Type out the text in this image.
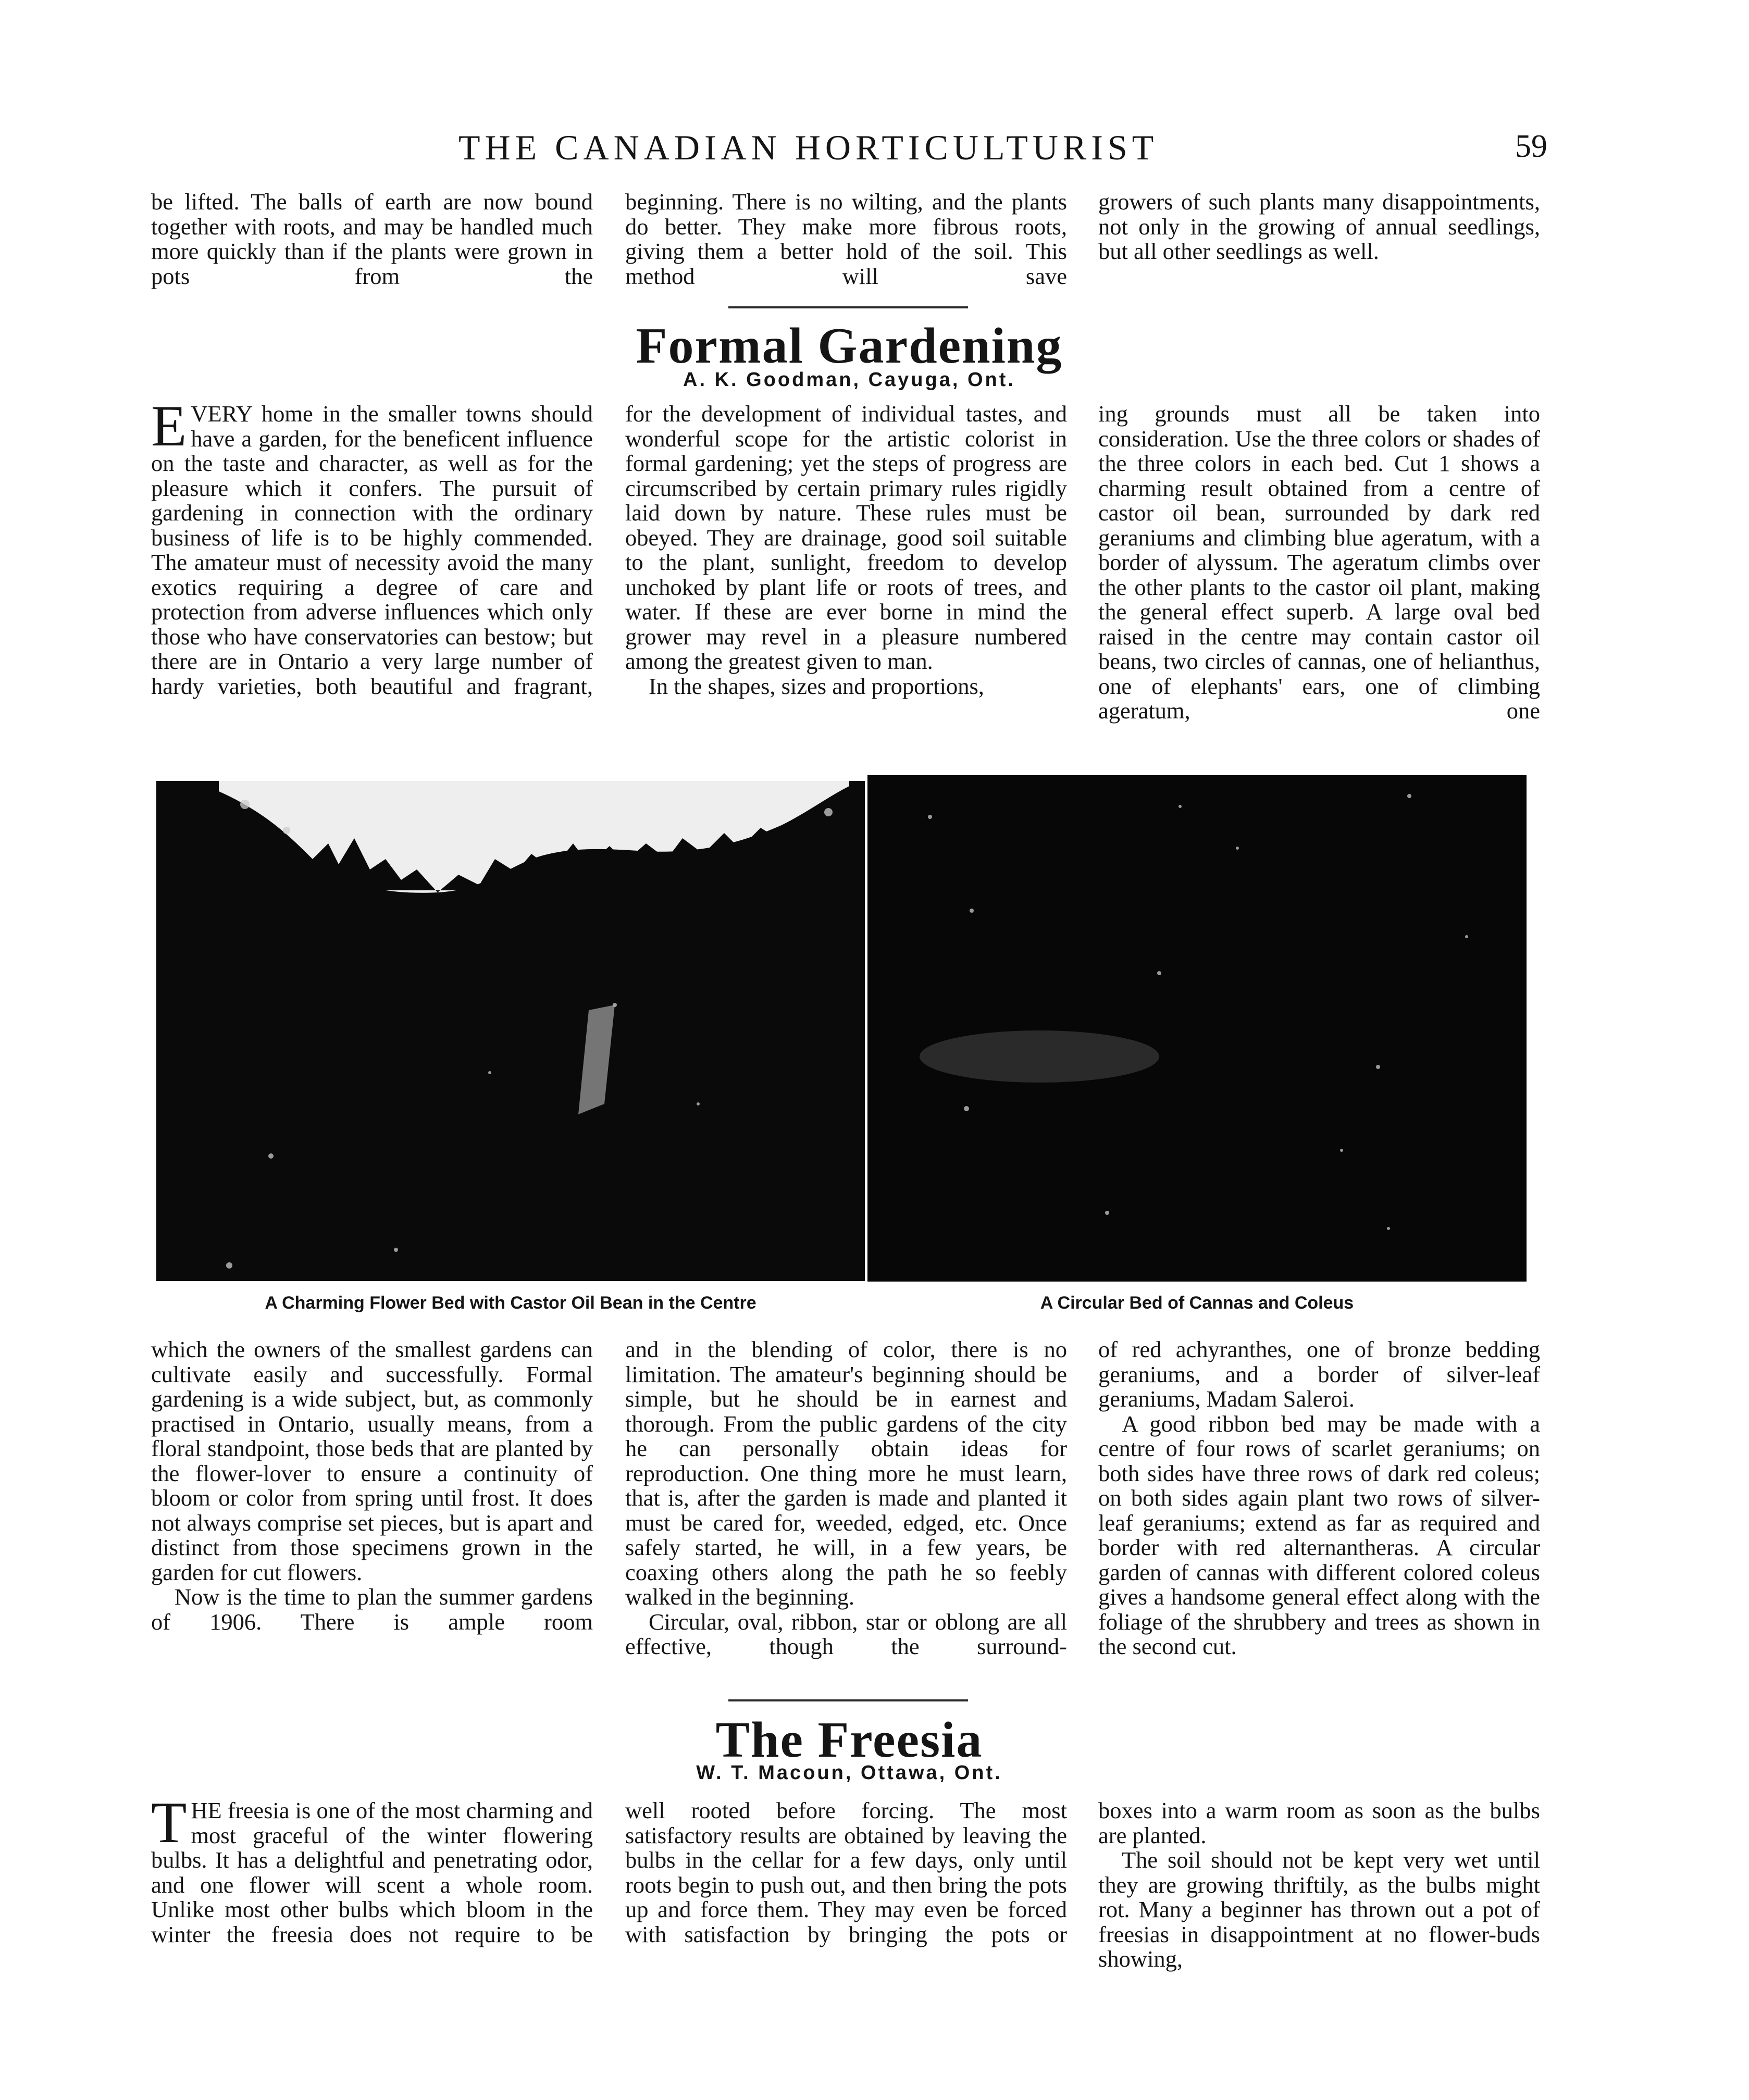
THE CANADIAN HORTICULTURIST	59

be lifted. The balls of earth are now bound together with roots, and may be handled much more quickly than if the plants were grown in pots from the

beginning. There is no wilting, and the plants do better. They make more fibrous roots, giving them a better hold of the soil. This method will save

growers of such plants many disappointments, not only in the growing of annual seedlings, but all other seedlings as well.

Formal Gardening
A. K. Goodman, Cayuga, Ont.

EVERY home in the smaller towns should have a garden, for the beneficent influence on the taste and character, as well as for the pleasure which it confers. The pursuit of gardening in connection with the ordinary business of life is to be highly commended. The amateur must of necessity avoid the many exotics requiring a degree of care and protection from adverse influences which only those who have conservatories can bestow; but there are in Ontario a very large number of hardy varieties, both beautiful and fragrant,

for the development of individual tastes, and wonderful scope for the artistic colorist in formal gardening; yet the steps of progress are circumscribed by certain primary rules rigidly laid down by nature. These rules must be obeyed. They are drainage, good soil suitable to the plant, sunlight, freedom to develop unchoked by plant life or roots of trees, and water. If these are ever borne in mind the grower may revel in a pleasure numbered among the greatest given to man.

In the shapes, sizes and proportions,

ing grounds must all be taken into consideration. Use the three colors or shades of the three colors in each bed. Cut 1 shows a charming result obtained from a centre of castor oil bean, surrounded by dark red geraniums and climbing blue ageratum, with a border of alyssum. The ageratum climbs over the other plants to the castor oil plant, making the general effect superb. A large oval bed raised in the centre may contain castor oil beans, two circles of cannas, one of helianthus, one of elephants' ears, one of climbing ageratum, one

A Charming Flower Bed with Castor Oil Bean in the Centre	A Circular Bed of Cannas and Coleus

which the owners of the smallest gardens can cultivate easily and successfully. Formal gardening is a wide subject, but, as commonly practised in Ontario, usually means, from a floral standpoint, those beds that are planted by the flower-lover to ensure a continuity of bloom or color from spring until frost. It does not always comprise set pieces, but is apart and distinct from those specimens grown in the garden for cut flowers.

Now is the time to plan the summer gardens of 1906. There is ample room

and in the blending of color, there is no limitation. The amateur's beginning should be simple, but he should be in earnest and thorough. From the public gardens of the city he can personally obtain ideas for reproduction. One thing more he must learn, that is, after the garden is made and planted it must be cared for, weeded, edged, etc. Once safely started, he will, in a few years, be coaxing others along the path he so feebly walked in the beginning.

Circular, oval, ribbon, star or oblong are all effective, though the surround-

of red achyranthes, one of bronze bedding geraniums, and a border of silver-leaf geraniums, Madam Saleroi.

A good ribbon bed may be made with a centre of four rows of scarlet geraniums; on both sides have three rows of dark red coleus; on both sides again plant two rows of silver-leaf geraniums; extend as far as required and border with red alternantheras. A circular garden of cannas with different colored coleus gives a handsome general effect along with the foliage of the shrubbery and trees as shown in the second cut.

The Freesia
W. T. Macoun, Ottawa, Ont.

THE freesia is one of the most charming and most graceful of the winter flowering bulbs. It has a delightful and penetrating odor, and one flower will scent a whole room. Unlike most other bulbs which bloom in the winter the freesia does not require to be

well rooted before forcing. The most satisfactory results are obtained by leaving the bulbs in the cellar for a few days, only until roots begin to push out, and then bring the pots up and force them. They may even be forced with satisfaction by bringing the pots or

boxes into a warm room as soon as the bulbs are planted.

The soil should not be kept very wet until they are growing thriftily, as the bulbs might rot. Many a beginner has thrown out a pot of freesias in disappointment at no flower-buds showing,
